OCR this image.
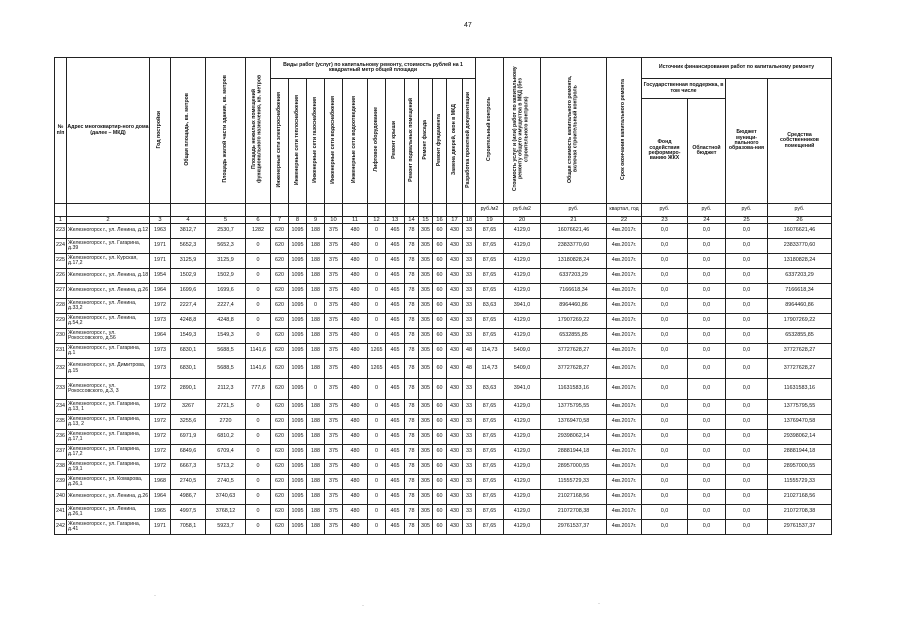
47
№ п/п	Адрес многоквартир-ного дома (далее – МКД)	Год постройки	Общая площадь, кв. метров	Площадь жилой части здания, кв. метров	Площадь нежилых помещений функционального назначения, кв. метров	Виды работ (услуг) по капитальному ремонту, стоимость рублей на 1 квадратный метр общей площади												Строительный контроль	Стоимость услуг и (или) работ по капитальному ремонту общего имущества в МКД (без строительного контроля)	Общая стоимость капитального ремонта, включая строительный контроль	Срок окончания капитального ремонта	Источник финансирования работ по капитальному ремонту			
						Инженерные сети электроснабжения	Инженерные сети теплоснабжения	Инженерные сети газоснабжения	Инженерные сети водоснабжения	Инженерные сети водоотведения	Лифтовое оборудование	Ремонт крыши	Ремонт подвальных помещений	Ремонт фасада	Ремонт фундамента	Замена дверей, окон в МКД	Разработка проектной документации					Государственная поддержка, в том числе		Бюджет муници-пального образова-ния	Средства собственников помещений
																						Фонд содействия реформиро-ванию ЖКХ	Областной бюджет		
																		руб./м2	руб./м2	руб.	квартал, год	руб.	руб.	руб.	руб.
1	2	3	4	5	6	7	8	9	10	11	12	13	14	15	16	17	18	19	20	21	22	23	24	25	26
223	Железногорск г., ул. Ленина, д.12	1963	3812,7	2530,7	1282	620	1095	188	375	480	0	465	78	305	60	430	33	87,65	4129,0	16076621,46	4кв.2017г.	0,0	0,0	0,0	16076621,46
224	Железногорск г., ул. Гагарина, д.39	1971	5652,3	5652,3	0	620	1095	188	375	480	0	465	78	305	60	430	33	87,65	4129,0	23833770,60	4кв.2017г.	0,0	0,0	0,0	23833770,60
225	Железногорск г., ул. Курская, д.17,2	1971	3125,9	3125,9	0	620	1095	188	375	480	0	465	78	305	60	430	33	87,65	4129,0	13180828,24	4кв.2017г.	0,0	0,0	0,0	13180828,24
226	Железногорск г., ул. Ленина, д.18	1954	1502,9	1502,9	0	620	1095	188	375	480	0	465	78	305	60	430	33	87,65	4129,0	6337203,29	4кв.2017г.	0,0	0,0	0,0	6337203,29
227	Железногорск г., ул. Ленина, д.26	1964	1699,6	1699,6	0	620	1095	188	375	480	0	465	78	305	60	430	33	87,65	4129,0	7166618,34	4кв.2017г.	0,0	0,0	0,0	7166618,34
228	Железногорск г., ул. Ленина, д.33,2	1972	2227,4	2227,4	0	620	1095	0	375	480	0	465	78	305	60	430	33	83,63	3941,0	8964460,86	4кв.2017г.	0,0	0,0	0,0	8964460,86
229	Железногорск г., ул. Ленина, д.54,2	1973	4248,8	4248,8	0	620	1095	188	375	480	0	465	78	305	60	430	33	87,65	4129,0	17907269,22	4кв.2017г.	0,0	0,0	0,0	17907269,22
230	Железногорск г., ул. Рокоссовского, д.56	1964	1549,3	1549,3	0	620	1095	188	375	480	0	465	78	305	60	430	33	87,65	4129,0	6532855,85	4кв.2017г.	0,0	0,0	0,0	6532855,85
231	Железногорск г., ул. Гагарина, д.1	1973	6830,1	5688,5	1141,6	620	1095	188	375	480	1265	465	78	305	60	430	48	114,73	5409,0	37727628,27	4кв.2017г.	0,0	0,0	0,0	37727628,27
232	Железногорск г., ул. Димитрова, д.15	1973	6830,1	5688,5	1141,6	620	1095	188	375	480	1265	465	78	305	60	430	48	114,73	5409,0	37727628,27	4кв.2017г.	0,0	0,0	0,0	37727628,27
233	Железногорск г., ул. Рокоссовского, д.3, 3	1972	2890,1	2112,3	777,8	620	1095	0	375	480	0	465	78	305	60	430	33	83,63	3941,0	11631583,16	4кв.2017г.	0,0	0,0	0,0	11631583,16
234	Железногорск г., ул. Гагарина, д.13, 1	1972	3267	2721,5	0	620	1095	188	375	480	0	465	78	305	60	430	33	87,65	4129,0	13775795,55	4кв.2017г.	0,0	0,0	0,0	13775795,55
235	Железногорск г., ул. Гагарина, д.13, 2	1972	3255,6	2720	0	620	1095	188	375	480	0	465	78	305	60	430	33	87,65	4129,0	13769470,58	4кв.2017г.	0,0	0,0	0,0	13769470,58
236	Железногорск г., ул. Гагарина, д.17,1	1972	6971,9	6810,2	0	620	1095	188	375	480	0	465	78	305	60	430	33	87,65	4129,0	29398062,14	4кв.2017г.	0,0	0,0	0,0	29398062,14
237	Железногорск г., ул. Гагарина, д.17,2	1972	6849,6	6709,4	0	620	1095	188	375	480	0	465	78	305	60	430	33	87,65	4129,0	28881944,18	4кв.2017г.	0,0	0,0	0,0	28881944,18
238	Железногорск г., ул. Гагарина, д.19,1	1972	6667,3	5713,2	0	620	1095	188	375	480	0	465	78	305	60	430	33	87,65	4129,0	28957000,55	4кв.2017г.	0,0	0,0	0,0	28957000,55
239	Железногорск г., ул. Комарова, д.26,1	1968	2740,5	2740,5	0	620	1095	188	375	480	0	465	78	305	60	430	33	87,65	4129,0	11555729,33	4кв.2017г.	0,0	0,0	0,0	11555729,33
240	Железногорск г., ул. Ленина, д.26	1964	4986,7	3740,63	0	620	1095	188	375	480	0	465	78	305	60	430	33	87,65	4129,0	21027168,56	4кв.2017г.	0,0	0,0	0,0	21027168,56
241	Железногорск г., ул. Ленина, д.26,1	1965	4997,5	3768,12	0	620	1095	188	375	480	0	465	78	305	60	430	33	87,65	4129,0	21072708,38	4кв.2017г.	0,0	0,0	0,0	21072708,38
242	Железногорск г., ул. Гагарина, д.41	1971	7058,1	5923,7	0	620	1095	188	375	480	0	465	78	305	60	430	33	87,65	4129,0	29761537,37	4кв.2017г.	0,0	0,0	0,0	29761537,37
·
·	·
